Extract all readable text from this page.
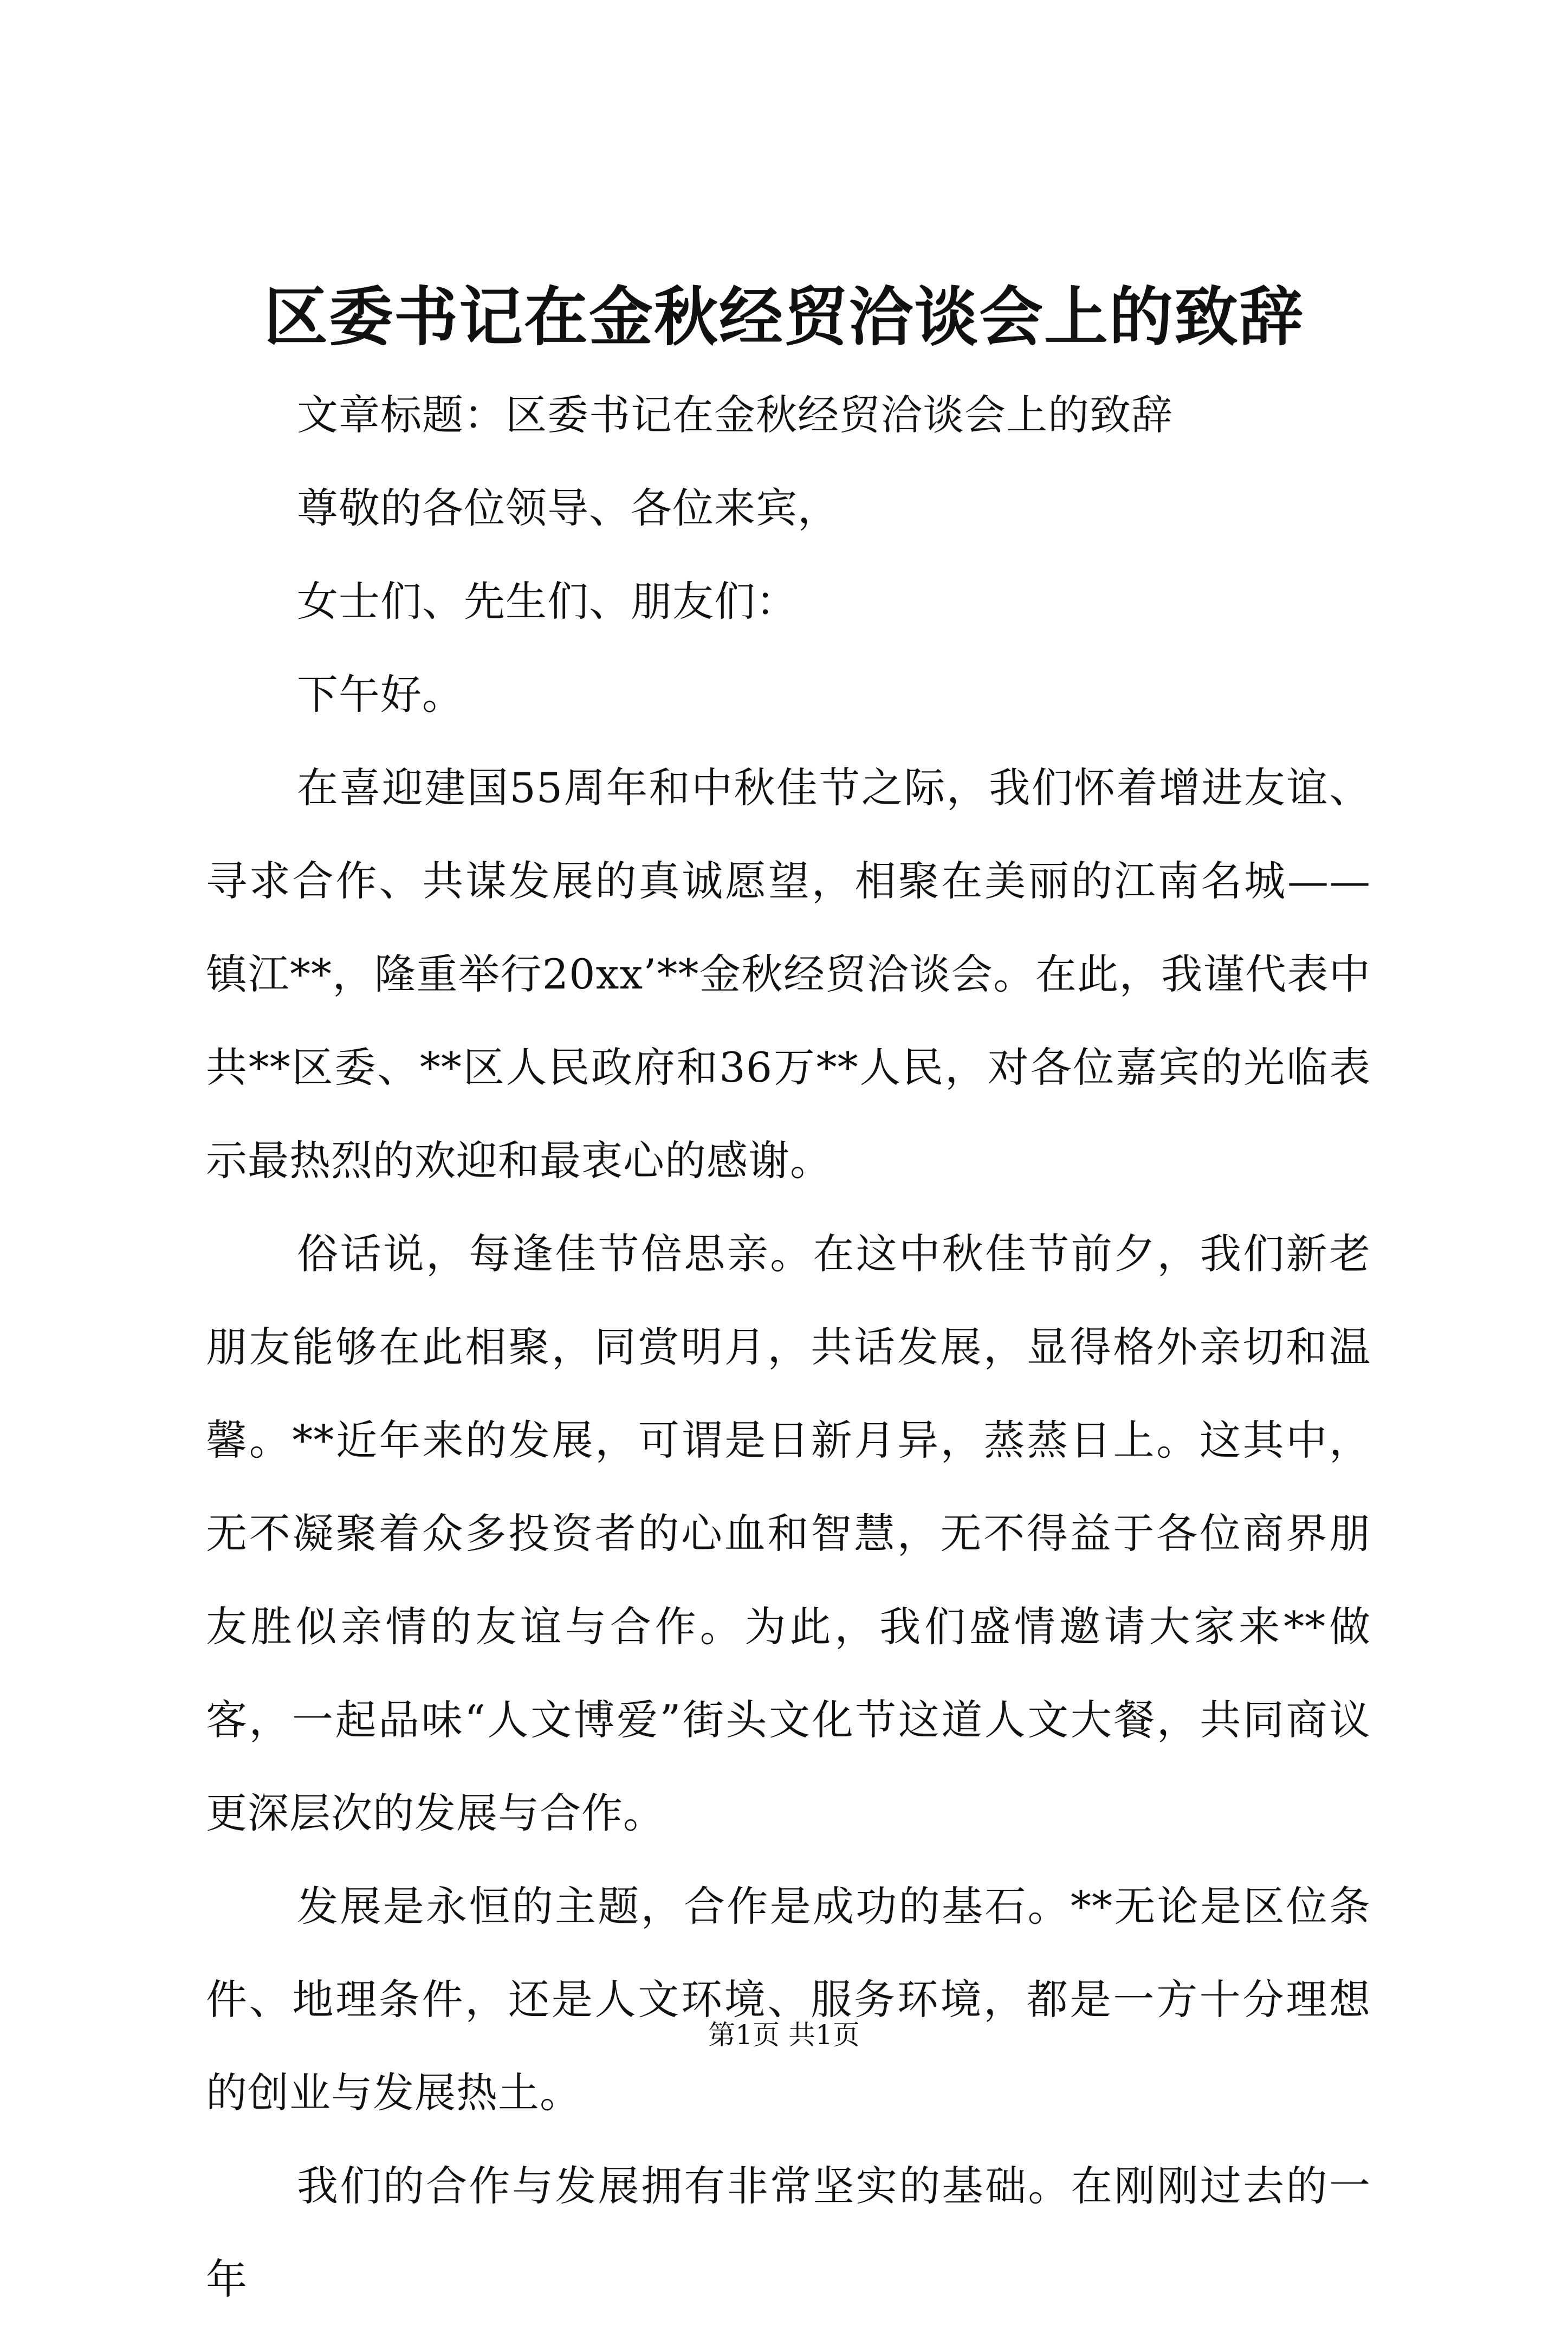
区委书记在金秋经贸洽谈会上的致辞

文章标题：区委书记在金秋经贸洽谈会上的致辞

尊敬的各位领导、各位来宾，

女士们、先生们、朋友们：

下午好。

在喜迎建国55周年和中秋佳节之际，我们怀着增进友谊、寻求合作、共谋发展的真诚愿望，相聚在美丽的江南名城——镇江**，隆重举行20xx’**金秋经贸洽谈会。在此，我谨代表中共**区委、**区人民政府和36万**人民，对各位嘉宾的光临表示最热烈的欢迎和最衷心的感谢。

俗话说，每逢佳节倍思亲。在这中秋佳节前夕，我们新老朋友能够在此相聚，同赏明月，共话发展，显得格外亲切和温馨。**近年来的发展，可谓是日新月异，蒸蒸日上。这其中，无不凝聚着众多投资者的心血和智慧，无不得益于各位商界朋友胜似亲情的友谊与合作。为此，我们盛情邀请大家来**做客，一起品味“人文博爱”街头文化节这道人文大餐，共同商议更深层次的发展与合作。

发展是永恒的主题，合作是成功的基石。**无论是区位条件、地理条件，还是人文环境、服务环境，都是一方十分理想的创业与发展热土。

我们的合作与发展拥有非常坚实的基础。在刚刚过去的一年

第1页 共1页
